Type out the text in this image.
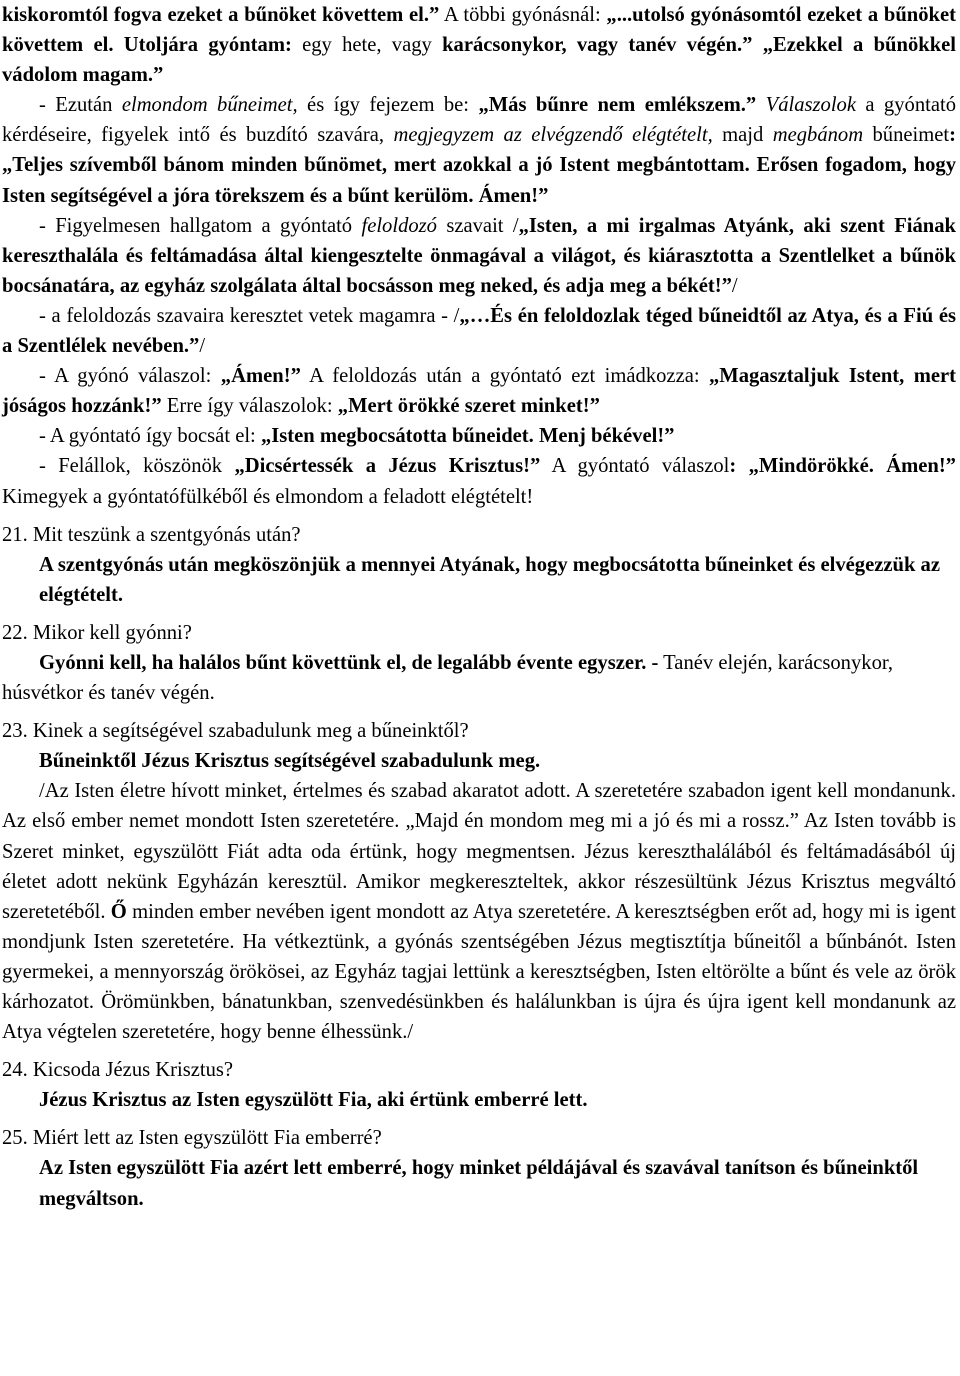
kiskoromtól fogva ezeket a bűnöket követtem el.” A többi gyónásnál: „...utolsó gyónásomtól ezeket a bűnöket követtem el. Utoljára gyóntam: egy hete, vagy karácsonykor, vagy tanév végén.” „Ezekkel a bűnökkel vádolom magam.”

- Ezután elmondom bűneimet, és így fejezem be: „Más bűnre nem emlékszem.” Válaszolok a gyóntató kérdéseire, figyelek intő és buzdító szavára, megjegyzem az elvégzendő elégtételt, majd megbánom bűneimet: „Teljes szívemből bánom minden bűnömet, mert azokkal a jó Istent megbántottam. Erősen fogadom, hogy Isten segítségével a jóra törekszem és a bűnt kerülöm. Ámen!”

- Figyelmesen hallgatom a gyóntató feloldozó szavait /„Isten, a mi irgalmas Atyánk, aki szent Fiának kereszthalála és feltámadása által kiengesztelte önmagával a világot, és kiárasztotta a Szentlelket a bűnök bocsánatára, az egyház szolgálata által bocsásson meg neked, és adja meg a békét!”/

- a feloldozás szavaira keresztet vetek magamra - /„…És én feloldozlak téged bűneidtől az Atya, és a Fiú és a Szentlélek nevében.”/

- A gyónó válaszol: „Ámen!” A feloldozás után a gyóntató ezt imádkozza: „Magasztaljuk Istent, mert jóságos hozzánk!” Erre így válaszolok: „Mert örökké szeret minket!”

- A gyóntató így bocsát el: „Isten megbocsátotta bűneidet. Menj békével!”

- Felállok, köszönök „Dicsértessék a Jézus Krisztus!” A gyóntató válaszol: „Mindörökké. Ámen!” Kimegyek a gyóntatófülkéből és elmondom a feladott elégtételt!

21. Mit teszünk a szentgyónás után?

A szentgyónás után megköszönjük a mennyei Atyának, hogy megbocsátotta bűneinket és elvégezzük az elégtételt.

22. Mikor kell gyónni?

Gyónni kell, ha halálos bűnt követtünk el, de legalább évente egyszer. - Tanév elején, karácsonykor, húsvétkor és tanév végén.

23. Kinek a segítségével szabadulunk meg a bűneinktől?

Bűneinktől Jézus Krisztus segítségével szabadulunk meg.

/Az Isten életre hívott minket, értelmes és szabad akaratot adott. A szeretetére szabadon igent kell mondanunk. Az első ember nemet mondott Isten szeretetére. „Majd én mondom meg mi a jó és mi a rossz.” Az Isten tovább is Szeret minket, egyszülött Fiát adta oda értünk, hogy megmentsen. Jézus kereszthalálából és feltámadásából új életet adott nekünk Egyházán keresztül. Amikor megkereszteltek, akkor részesültünk Jézus Krisztus megváltó szeretetéből. Ő minden ember nevében igent mondott az Atya szeretetére. A keresztségben erőt ad, hogy mi is igent mondjunk Isten szeretetére. Ha vétkeztünk, a gyónás szentségében Jézus megtisztítja bűneitől a bűnbánót. Isten gyermekei, a mennyország örökösei, az Egyház tagjai lettünk a keresztségben, Isten eltörölte a bűnt és vele az örök kárhozatot. Örömünkben, bánatunkban, szenvedésünkben és halálunkban is újra és újra igent kell mondanunk az Atya végtelen szeretetére, hogy benne élhessünk./

24. Kicsoda Jézus Krisztus?

Jézus Krisztus az Isten egyszülött Fia, aki értünk emberré lett.

25. Miért lett az Isten egyszülött Fia emberré?

Az Isten egyszülött Fia azért lett emberré, hogy minket példájával és szavával tanítson és bűneinktől megváltson.
